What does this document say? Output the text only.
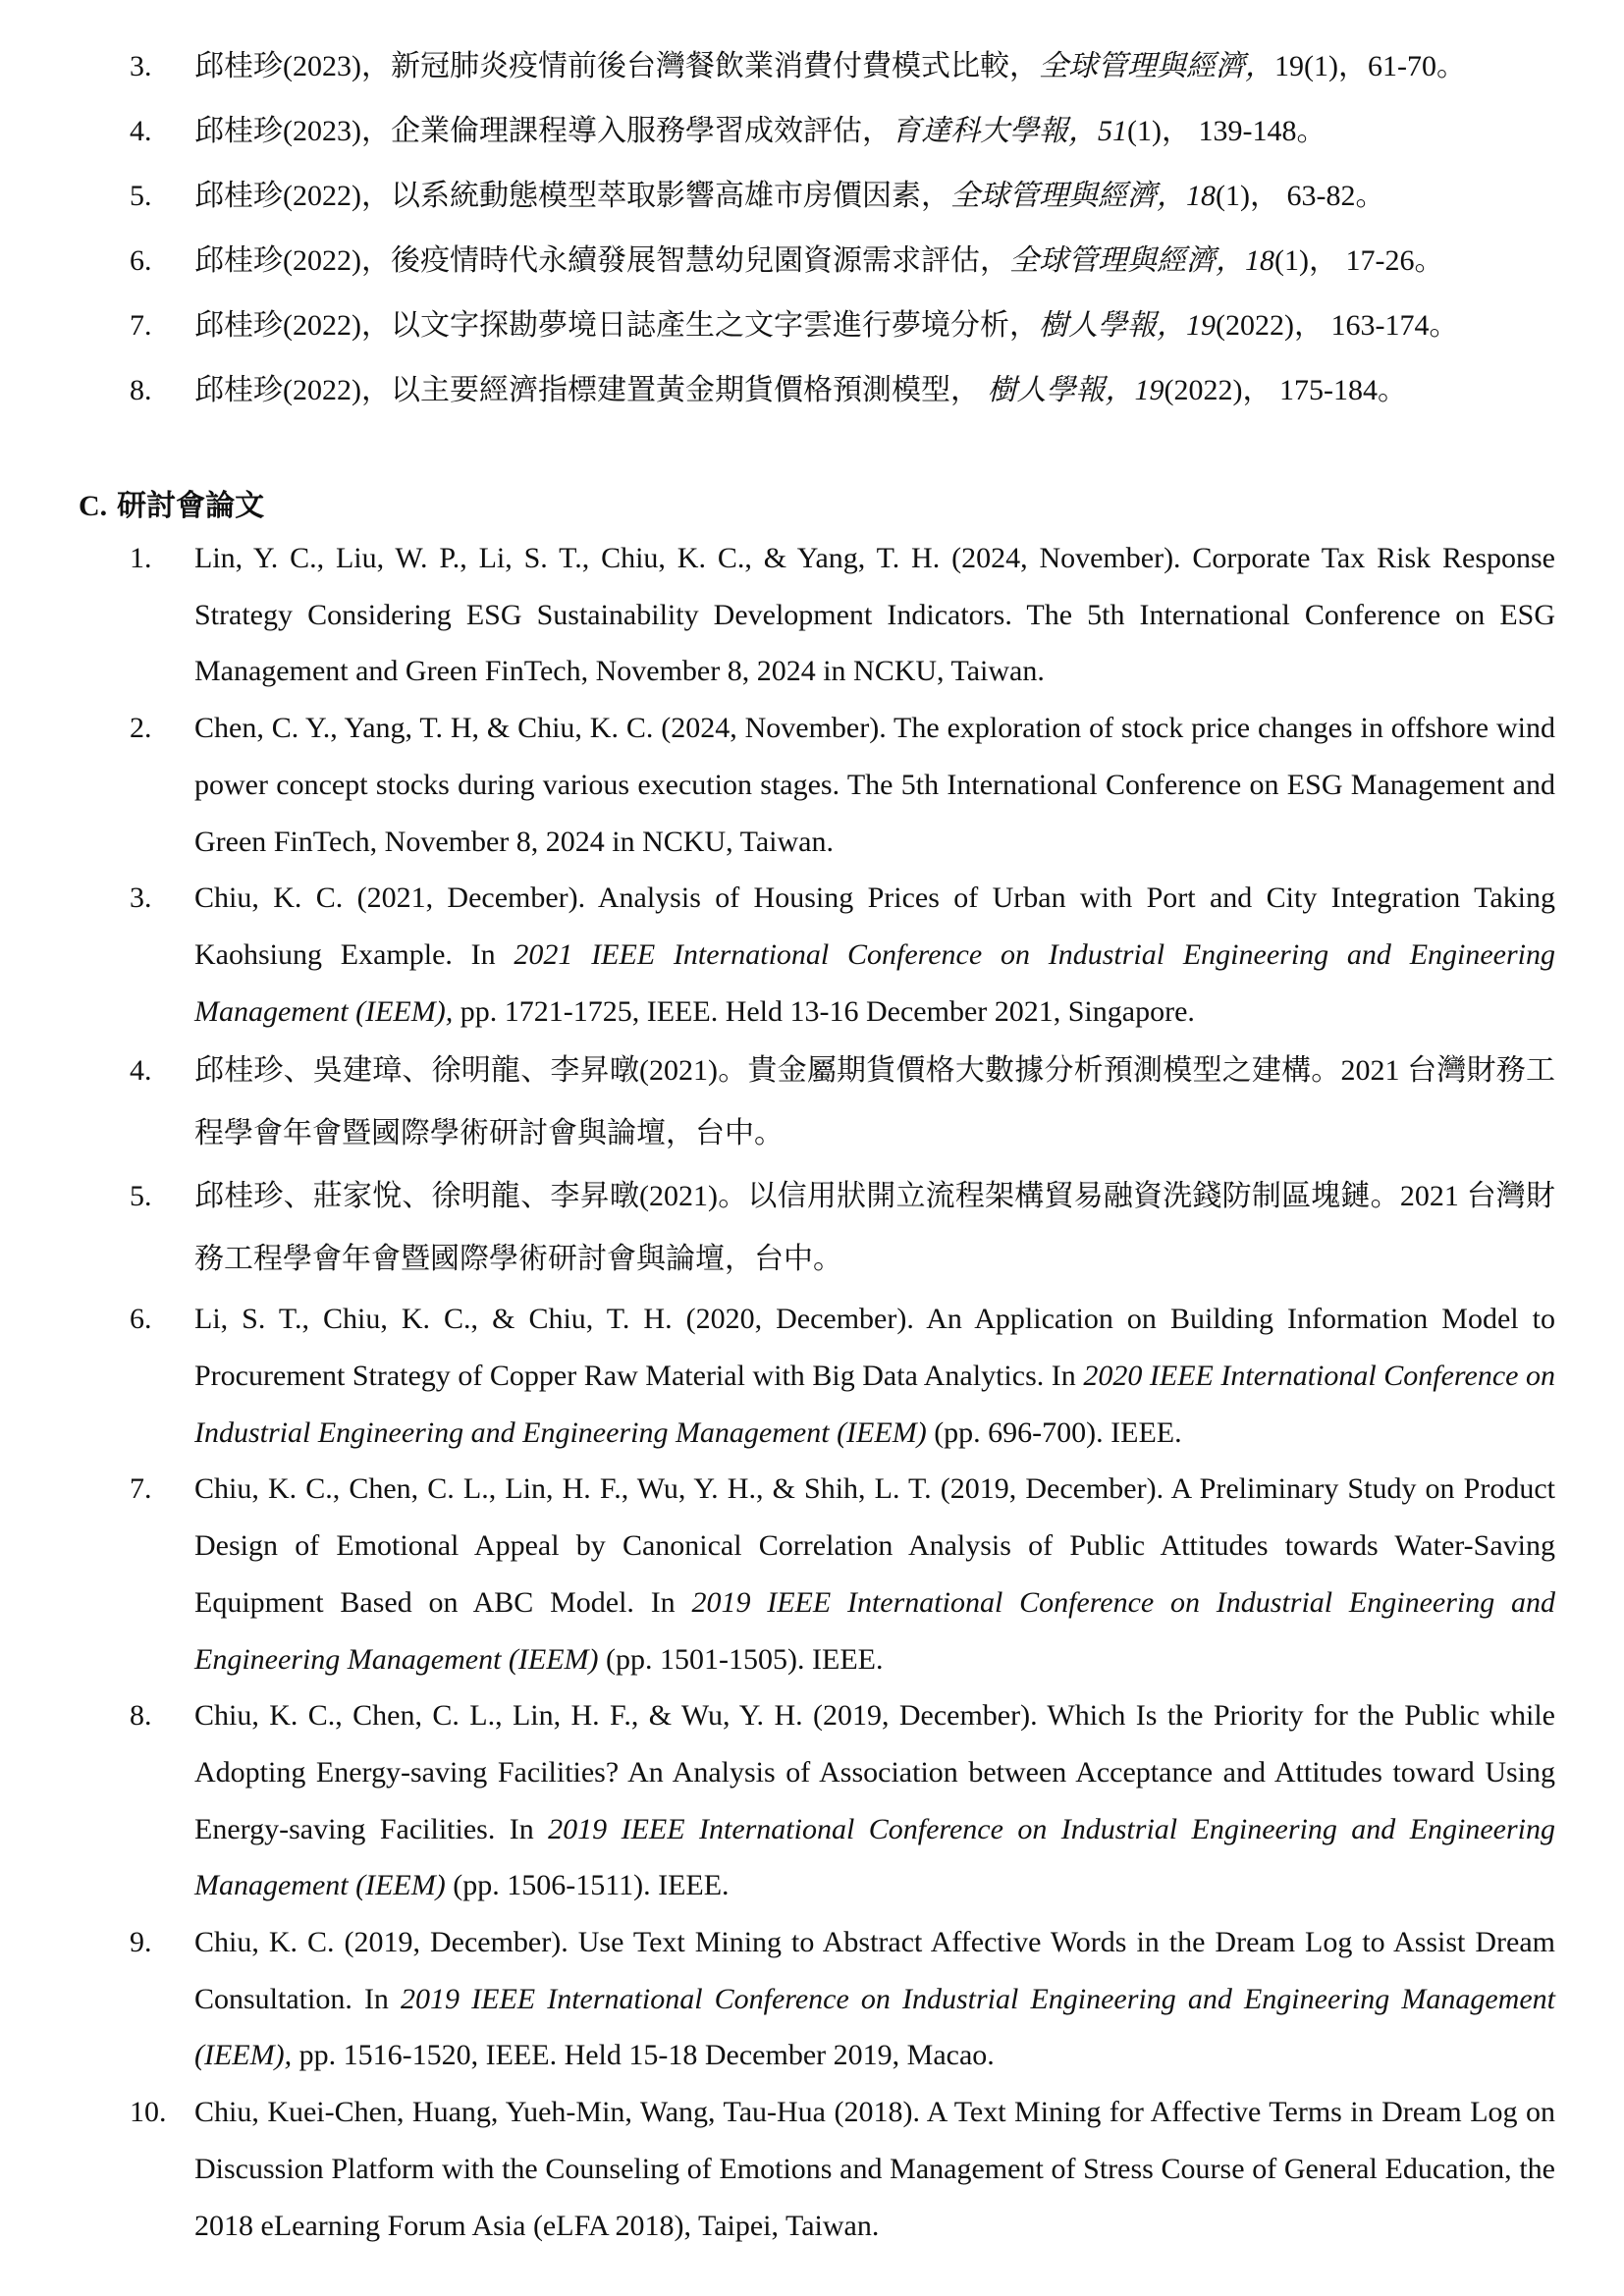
3. 邱桂珍(2023)，新冠肺炎疫情前後台灣餐飲業消費付費模式比較，全球管理與經濟，19(1)，61-70。
4. 邱桂珍(2023)，企業倫理課程導入服務學習成效評估，育達科大學報，51(1)， 139-148。
5. 邱桂珍(2022)，以系統動態模型萃取影響高雄市房價因素，全球管理與經濟，18(1)， 63-82。
6. 邱桂珍(2022)，後疫情時代永續發展智慧幼兒園資源需求評估，全球管理與經濟，18(1)， 17-26。
7. 邱桂珍(2022)，以文字探勘夢境日誌產生之文字雲進行夢境分析，樹人學報，19(2022)， 163-174。
8. 邱桂珍(2022)，以主要經濟指標建置黃金期貨價格預測模型， 樹人學報，19(2022)， 175-184。
C. 研討會論文
1. Lin, Y. C., Liu, W. P., Li, S. T., Chiu, K. C., & Yang, T. H. (2024, November). Corporate Tax Risk Response Strategy Considering ESG Sustainability Development Indicators. The 5th International Conference on ESG Management and Green FinTech, November 8, 2024 in NCKU, Taiwan.
2. Chen, C. Y., Yang, T. H, & Chiu, K. C. (2024, November). The exploration of stock price changes in offshore wind power concept stocks during various execution stages. The 5th International Conference on ESG Management and Green FinTech, November 8, 2024 in NCKU, Taiwan.
3. Chiu, K. C. (2021, December). Analysis of Housing Prices of Urban with Port and City Integration Taking Kaohsiung Example. In 2021 IEEE International Conference on Industrial Engineering and Engineering Management (IEEM), pp. 1721-1725, IEEE. Held 13-16 December 2021, Singapore.
4. 邱桂珍、吳建璋、徐明龍、李昇暾(2021)。貴金屬期貨價格大數據分析預測模型之建構。2021 台灣財務工程學會年會暨國際學術研討會與論壇，台中。
5. 邱桂珍、莊家悅、徐明龍、李昇暾(2021)。以信用狀開立流程架構貿易融資洗錢防制區塊鏈。2021 台灣財務工程學會年會暨國際學術研討會與論壇，台中。
6. Li, S. T., Chiu, K. C., & Chiu, T. H. (2020, December). An Application on Building Information Model to Procurement Strategy of Copper Raw Material with Big Data Analytics. In 2020 IEEE International Conference on Industrial Engineering and Engineering Management (IEEM) (pp. 696-700). IEEE.
7. Chiu, K. C., Chen, C. L., Lin, H. F., Wu, Y. H., & Shih, L. T. (2019, December). A Preliminary Study on Product Design of Emotional Appeal by Canonical Correlation Analysis of Public Attitudes towards Water-Saving Equipment Based on ABC Model. In 2019 IEEE International Conference on Industrial Engineering and Engineering Management (IEEM) (pp. 1501-1505). IEEE.
8. Chiu, K. C., Chen, C. L., Lin, H. F., & Wu, Y. H. (2019, December). Which Is the Priority for the Public while Adopting Energy-saving Facilities? An Analysis of Association between Acceptance and Attitudes toward Using Energy-saving Facilities. In 2019 IEEE International Conference on Industrial Engineering and Engineering Management (IEEM) (pp. 1506-1511). IEEE.
9. Chiu, K. C. (2019, December). Use Text Mining to Abstract Affective Words in the Dream Log to Assist Dream Consultation. In 2019 IEEE International Conference on Industrial Engineering and Engineering Management (IEEM), pp. 1516-1520, IEEE. Held 15-18 December 2019, Macao.
10. Chiu, Kuei-Chen, Huang, Yueh-Min, Wang, Tau-Hua (2018). A Text Mining for Affective Terms in Dream Log on Discussion Platform with the Counseling of Emotions and Management of Stress Course of General Education, the 2018 eLearning Forum Asia (eLFA 2018), Taipei, Taiwan.
